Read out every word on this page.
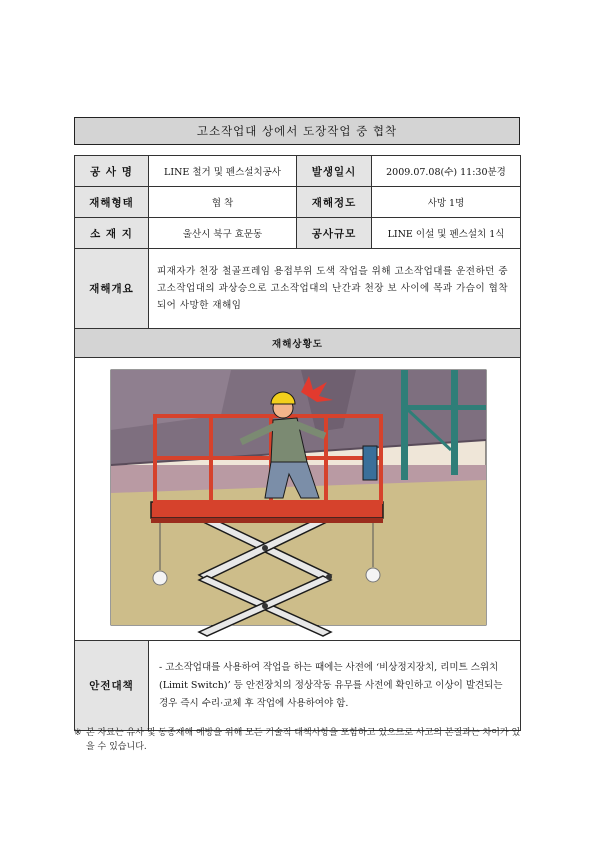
고소작업대 상에서 도장작업 중 협착
공 사 명	LINE 철거 및 펜스설치공사	발생일시	2009.07.08(수) 11:30분경
재해형태	협 착	재해정도	사망 1명
소 재 지	울산시 북구 효문동	공사규모	LINE 이설 및 펜스설치 1식
재해개요	피재자가 천장 철골프레임 용접부위 도색 작업을 위해 고소작업대를 운전하던 중 고소작업대의 과상승으로 고소작업대의 난간과 천장 보 사이에 목과 가슴이 협착되어 사망한 재해임		
재해상황도			

안전대책	- 고소작업대를 사용하여 작업을 하는 때에는 사전에 ‘비상정지장치, 리미트 스위치(Limit Switch)’ 등 안전장치의 정상작동 유무를 사전에 확인하고 이상이 발견되는 경우 즉시 수리·교체 후 작업에 사용하여야 함.		
※ 본 자료는 유사 및 동종재해 예방을 위해 모든 기술적 대책사항을 포함하고 있으므로 사고의 본질과는 차이가 있을 수 있습니다.
